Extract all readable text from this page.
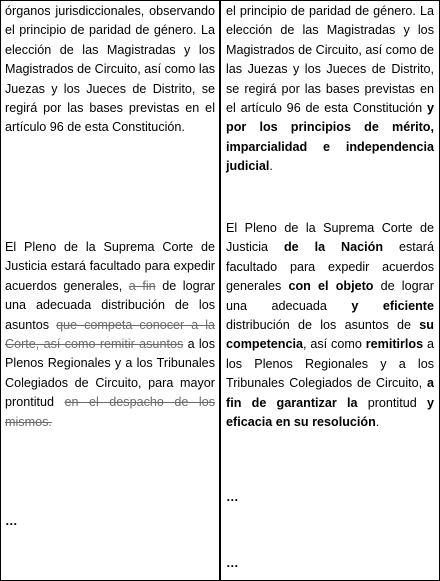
órganos jurisdiccionales, observando el principio de paridad de género. La elección de las Magistradas y los Magistrados de Circuito, así como las Juezas y los Jueces de Distrito, se regirá por las bases previstas en el artículo 96 de esta Constitución.

El Pleno de la Suprema Corte de Justicia estará facultado para expedir acuerdos generales, a fin de lograr una adecuada distribución de los asuntos que competa conocer a la Corte, así como remitir asuntos a los Plenos Regionales y a los Tribunales Colegiados de Circuito, para mayor prontitud en el despacho de los mismos.

…

el principio de paridad de género. La elección de las Magistradas y los Magistrados de Circuito, así como de las Juezas y los Jueces de Distrito, se regirá por las bases previstas en el artículo 96 de esta Constitución y por los principios de mérito, imparcialidad e independencia judicial.

El Pleno de la Suprema Corte de Justicia de la Nación estará facultado para expedir acuerdos generales con el objeto de lograr una adecuada y eficiente distribución de los asuntos de su competencia, así como remitirlos a los Plenos Regionales y a los Tribunales Colegiados de Circuito, a fin de garantizar la prontitud y eficacia en su resolución.

…

…
